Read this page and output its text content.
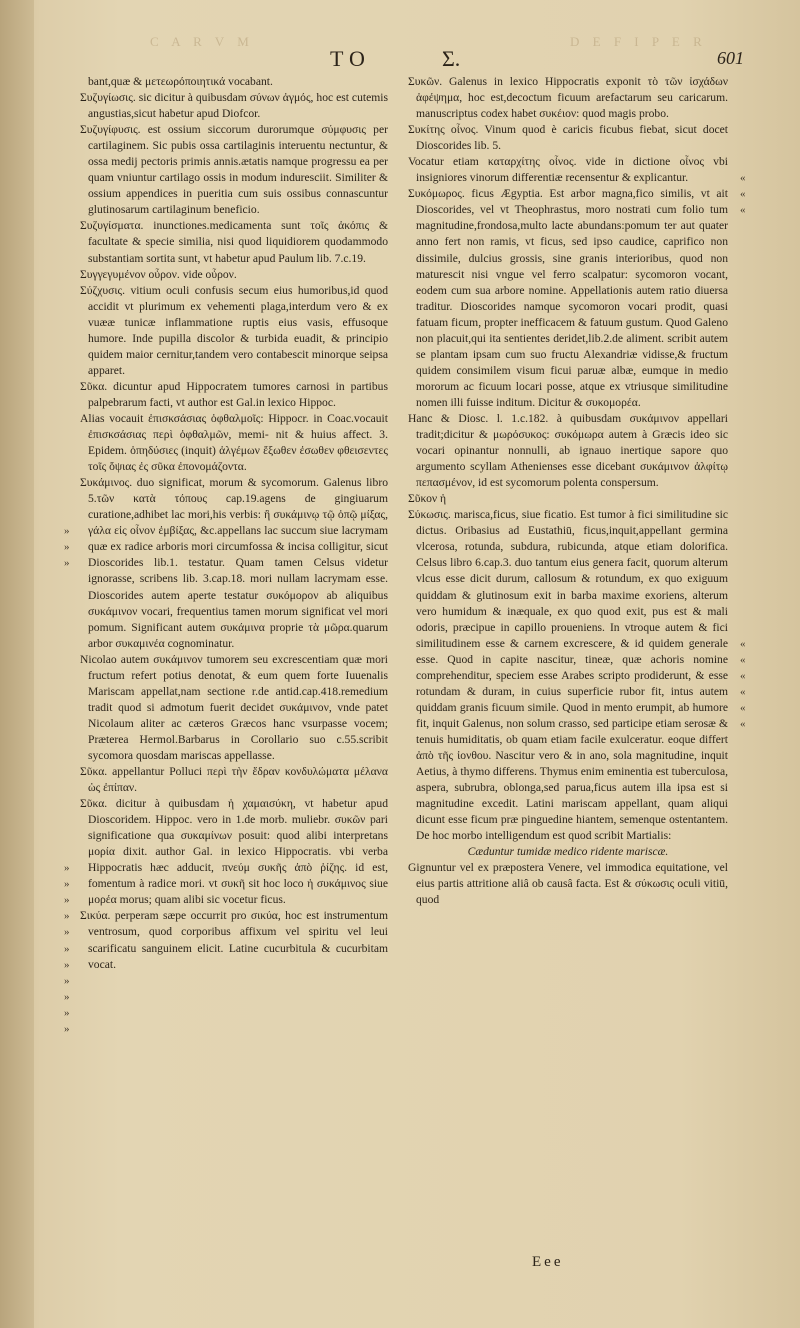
C A R V M	D E F I P E R
TO	Σ.	601

bant,quæ & μετεωρόποιητικά vocabant.

Συζυγίωσις. sic dicitur à quibusdam σύνων ἀγμός, hoc est cutemis angustias,sicut habetur apud Diofcor.

Συζυγίφυσις. est ossium siccorum durorumque σύμφυσις per cartilaginem. Sic pubis ossa cartilaginis interuentu nectuntur, & ossa medij pectoris primis annis.ætatis namque progressu ea per quam vniuntur cartilago ossis in modum induresciit. Similiter & ossium appendices in pueritia cum suis ossibus connascuntur glutinosarum cartilaginum beneficio.

Συζυγίσματα. inunctiones.medicamenta sunt τοῖς ἀκόπις & facultate & specie similia, nisi quod liquidiorem quodammodo substantiam sortita sunt, vt habetur apud Paulum lib. 7.c.19.

Συγγεγυμένον οὖρον. vide οὖρον.

Σύζχυσις. vitium oculi confusis secum eius humoribus,id quod accidit vt plurimum ex vehementi plaga,interdum vero & ex vuææ tunicæ inflammatione ruptis eius vasis, effusoque humore. Inde pupilla discolor & turbida euadit, & principio quidem maior cernitur,tandem vero contabescit minorque seipsa apparet.

Σῦκα. dicuntur apud Hippocratem tumores carnosi in partibus palpebrarum facti, vt author est Gal.in lexico Hippoc.

Alias vocauit ἐπισκσάσιας ὀφθαλμοῖς: Hippocr. in Coac.vocauit ἐπισκσάσιας περὶ ὀφθαλμῶν, memi- nit & huius affect. 3. Epidem. ὀπηδύσιες (inquit) ἀλγέμων ἔξωθεν ἐσωθεν φθεισεντες τοῖς ὄψιας ἐς σῦκα ἐπονομάζοντα.

Συκάμινος. duo significat, morum & sycomorum. Galenus libro 5.τῶν κατὰ τόπους cap.19.agens de gingiuarum curatione,adhibet lac mori,his verbis: ἢ συκάμινῳ τῷ ὀπῷ μίξας, γάλα εἰς οἶνον ἐμβίξας, &c.appellans lac succum siue lacrymam quæ ex radice arboris mori circumfossa & incisa colligitur, sicut Dioscorides lib.1. testatur. Quam tamen Celsus videtur ignorasse, scribens lib. 3.cap.18. mori nullam lacrymam esse. Dioscorides autem aperte testatur συκόμορον ab aliquibus συκάμινον vocari, frequentius tamen morum significat vel mori pomum. Significant autem συκάμινα proprie τὰ μῶρα.quarum arbor συκαμινέα cognominatur.

Nicolao autem συκάμινον tumorem seu excrescentiam quæ mori fructum refert potius denotat, & eum quem forte Iuuenalis Mariscam appellat,nam sectione r.de antid.cap.418.remedium tradit quod si admotum fuerit decidet συκάμινον, vnde patet Nicolaum aliter ac cæteros Græcos hanc vsurpasse vocem; Præterea Hermol.Barbarus in Corollario suo c.55.scribit sycomora quosdam mariscas appellasse.

Σῦκα. appellantur Polluci περὶ τὴν ἕδραν κονδυλώματα μέλανα ὡς ἐπίπαν.

Σῦκα. dicitur à quibusdam ἡ χαμαισύκη, vt habetur apud Dioscoridem. Hippoc. vero in 1.de morb. muliebr. συκῶν pari significatione qua συκαμίνων posuit: quod alibi interpretans μορία dixit. author Gal. in lexico Hippocratis. vbi verba Hippocratis hæc adducit, πνεύμ συκῆς ἀπὸ ῥίζης. id est, fomentum à radice mori. vt συκῆ sit hoc loco ἡ συκάμινος siue μορέα morus; quam alibi sic vocetur ficus.

Σικύα. perperam sæpe occurrit pro σικύα, hoc est instrumentum ventrosum, quod corporibus affixum vel spiritu vel leui scarificatu sanguinem elicit. Latine cucurbitula & cucurbitam vocat.

Συκῶν. Galenus in lexico Hippocratis exponit τὸ τῶν ἰσχάδων ἀφέψημα, hoc est,decoctum ficuum arefactarum seu caricarum. manuscriptus codex habet συκέιον: quod magis probo.

Συκίτης οἶνος. Vinum quod è caricis ficubus fiebat, sicut docet Dioscorides lib. 5.

Vocatur etiam καταρχίτης οἶνος. vide in dictione οἶνος vbi insigniores vinorum differentiæ recensentur & explicantur.

Συκόμωρος. ficus Ægyptia. Est arbor magna,fico similis, vt ait Dioscorides, vel vt Theophrastus, moro nostrati cum folio tum magnitudine,frondosa,multo lacte abundans:pomum ter aut quater anno fert non ramis, vt ficus, sed ipso caudice, caprifico non dissimile, dulcius grossis, sine granis interioribus, quod non maturescit nisi vngue vel ferro scalpatur: sycomoron vocant, eodem cum sua arbore nomine. Appellationis autem ratio diuersa traditur. Dioscorides namque sycomoron vocari prodit, quasi fatuam ficum, propter inefficacem & fatuum gustum. Quod Galeno non placuit,qui ita sentientes deridet,lib.2.de aliment. scribit autem se plantam ipsam cum suo fructu Alexandriæ vidisse,& fructum quidem consimilem visum ficui paruæ albæ, eumque in medio mororum ac ficuum locari posse, atque ex vtriusque similitudine nomen illi fuisse inditum. Dicitur & συκομορέα.

Hanc & Diosc. l. 1.c.182. à quibusdam συκάμινον appellari tradit;dicitur & μωρόσυκος: συκόμωρα autem à Græcis ideo sic vocari opinantur nonnulli, ab ignauo inertique sapore quo argumento scyllam Athenienses esse dicebant συκάμινον ἀλφίτῳ πεπασμένον, id est sycomorum polenta conspersum.

Σῦκον ἡ

Σύκωσις. marisca,ficus, siue ficatio. Est tumor à fici similitudine sic dictus. Oribasius ad Eustathiū, ficus,inquit,appellant germina vlcerosa, rotunda, subdura, rubicunda, atque etiam dolorifica. Celsus libro 6.cap.3. duo tantum eius genera facit, quorum alterum vlcus esse dicit durum, callosum & rotundum, ex quo exiguum quiddam & glutinosum exit in barba maxime exoriens, alterum vero humidum & inæquale, ex quo quod exit, pus est & mali odoris, præcipue in capillo proueniens. In vtroque autem & fici similitudinem esse & carnem excrescere, & id quidem generale esse. Quod in capite nascitur, tineæ, quæ achoris nomine comprehenditur, speciem esse Arabes scripto prodiderunt, & esse rotundam & duram, in cuius superficie rubor fit, intus autem quiddam granis ficuum simile. Quod in mento erumpit, ab humore fit, inquit Galenus, non solum crasso, sed participe etiam serosæ & tenuis humiditatis, ob quam etiam facile exulceratur. eoque differt ἀπὸ τῆς ἰονθου. Nascitur vero & in ano, sola magnitudine, inquit Aetius, à thymo differens. Thymus enim eminentia est tuberculosa, aspera, subrubra, oblonga,sed parua,ficus autem illa ipsa est si magnitudine excedit. Latini mariscam appellant, quam aliqui dicunt esse ficum præ pinguedine hiantem, semenque ostentantem. De hoc morbo intelligendum est quod scribit Martialis:

Cæduntur tumidæ medico ridente mariscæ.

Gignuntur vel ex præpostera Venere, vel immodica equitatione, vel eius partis attritione aliâ ob causâ facta. Est & σύκωσις oculi vitiū, quod

»
»
»

»
»
»
»
»
»
»
»
»
»
»

«
«
«

«
«
«
«
«
«
Eee
